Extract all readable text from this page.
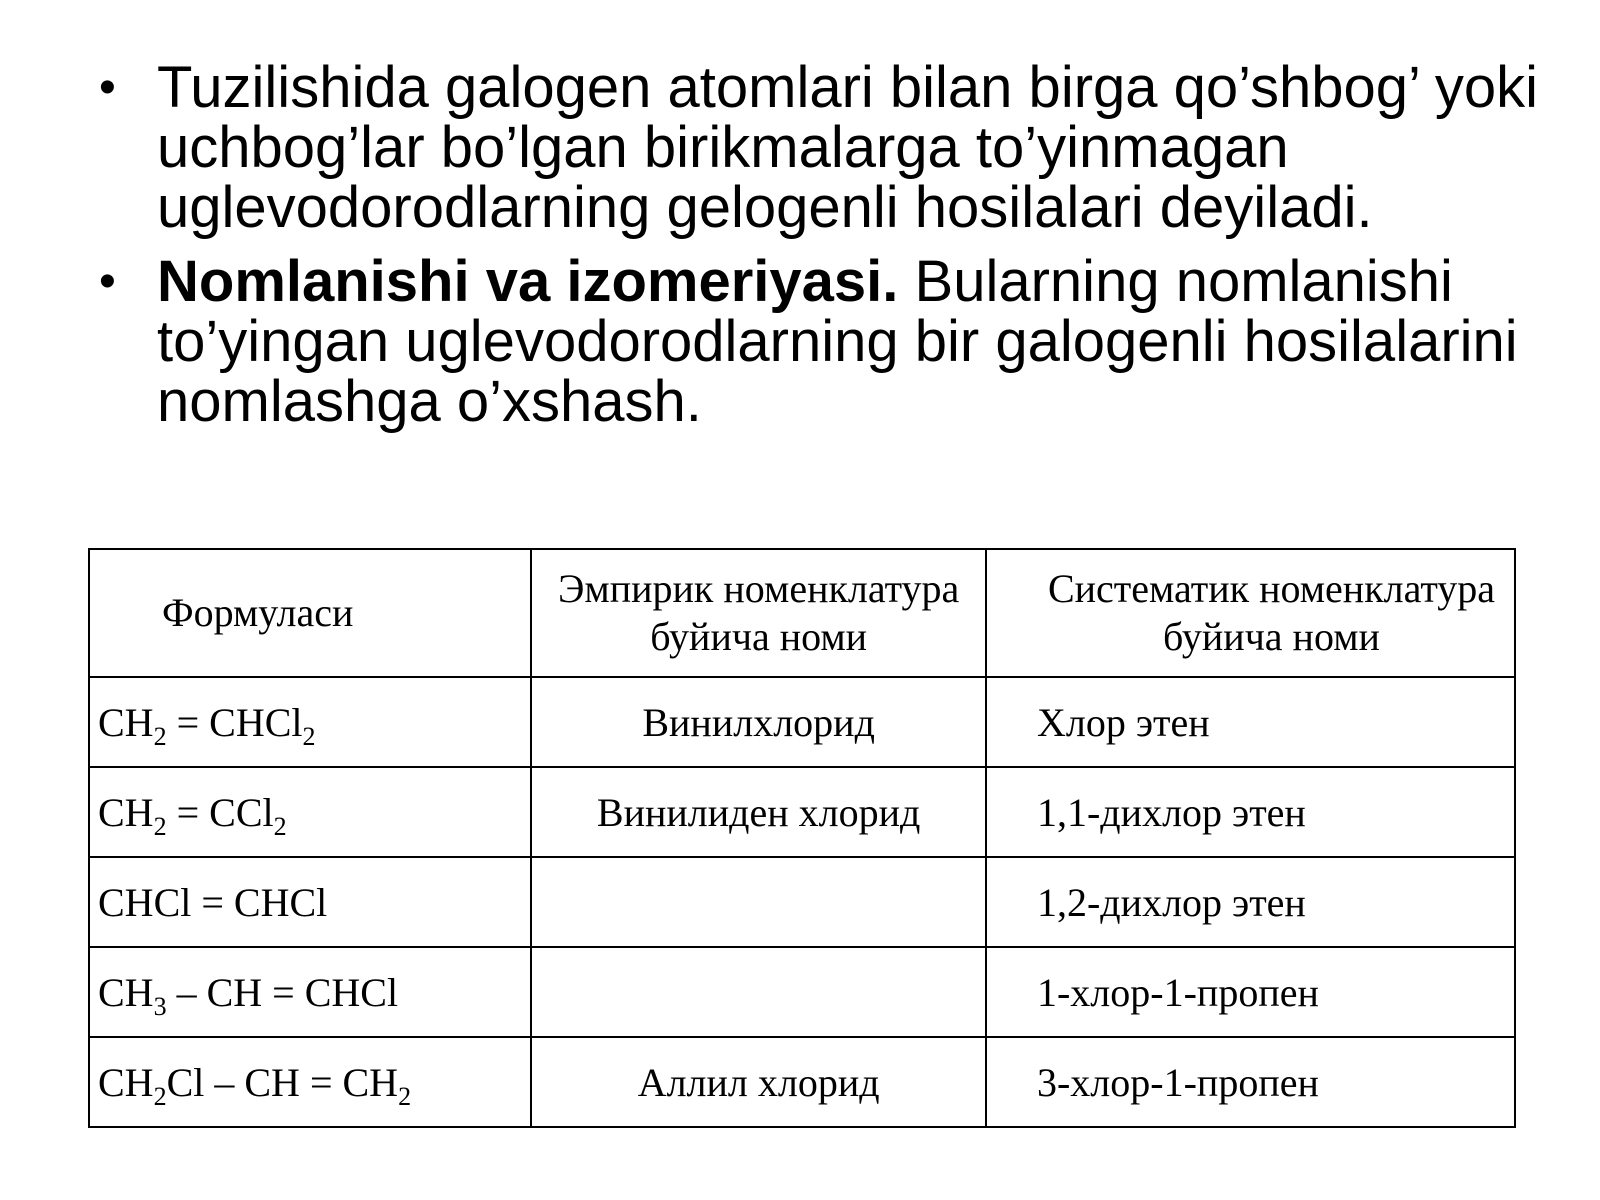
• Tuzilishida galogen atomlari bilan birga qo’shbog’ yoki uchbog’lar bo’lgan birikmalarga to’yinmagan uglevodorodlarning gelogenli hosilalari deyiladi.
• Nomlanishi va izomeriyasi. Bularning nomlanishi to’yingan uglevodorodlarning bir galogenli hosilalarini nomlashga o’xshash.
Формуласи	Эмпирик номенклатура буйича номи	Систематик номенклатура буйича номи
$CH_2$ = CHCl$_2$	Винилхлорид	Хлор этен
$CH_2 = CCl_2$	Винилиден хлорид	1,1-дихлор этен
CHCl = CHCl		1,2-дихлор этен
$CH_3$ – CH = CHCl		1-хлор-1-пропен
$CH_2Cl$ – CH = $CH_2$	Аллил хлорид	3-хлор-1-пропен
